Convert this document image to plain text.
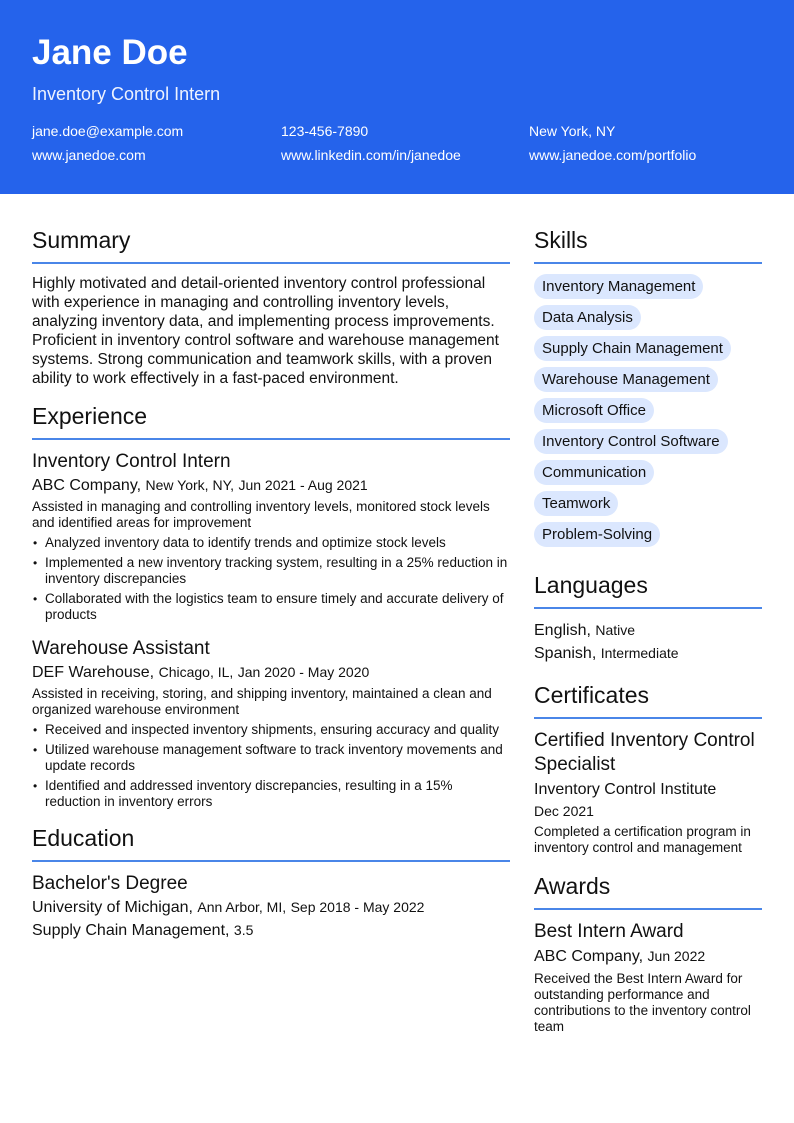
Jane Doe
Inventory Control Intern
jane.doe@example.com	123-456-7890	New York, NY
www.janedoe.com	www.linkedin.com/in/janedoe	www.janedoe.com/portfolio
Summary
Highly motivated and detail-oriented inventory control professional with experience in managing and controlling inventory levels, analyzing inventory data, and implementing process improvements. Proficient in inventory control software and warehouse management systems. Strong communication and teamwork skills, with a proven ability to work effectively in a fast-paced environment.
Experience
Inventory Control Intern
ABC Company, New York, NY, Jun 2021 - Aug 2021
Assisted in managing and controlling inventory levels, monitored stock levels and identified areas for improvement
• Analyzed inventory data to identify trends and optimize stock levels
• Implemented a new inventory tracking system, resulting in a 25% reduction in inventory discrepancies
• Collaborated with the logistics team to ensure timely and accurate delivery of products
Warehouse Assistant
DEF Warehouse, Chicago, IL, Jan 2020 - May 2020
Assisted in receiving, storing, and shipping inventory, maintained a clean and organized warehouse environment
• Received and inspected inventory shipments, ensuring accuracy and quality
• Utilized warehouse management software to track inventory movements and update records
• Identified and addressed inventory discrepancies, resulting in a 15% reduction in inventory errors
Education
Bachelor's Degree
University of Michigan, Ann Arbor, MI, Sep 2018 - May 2022
Supply Chain Management, 3.5
Skills
Inventory Management
Data Analysis
Supply Chain Management
Warehouse Management
Microsoft Office
Inventory Control Software
Communication
Teamwork
Problem-Solving
Languages
English, Native
Spanish, Intermediate
Certificates
Certified Inventory Control Specialist
Inventory Control Institute
Dec 2021
Completed a certification program in inventory control and management
Awards
Best Intern Award
ABC Company, Jun 2022
Received the Best Intern Award for outstanding performance and contributions to the inventory control team
